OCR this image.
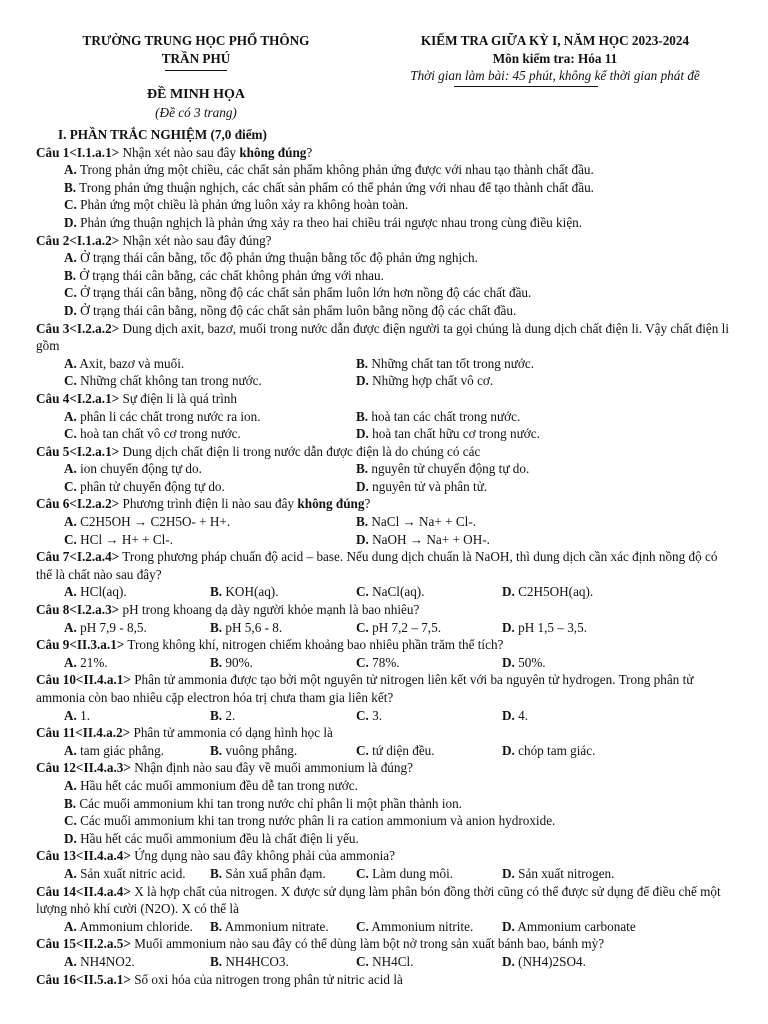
TRƯỜNG TRUNG HỌC PHỔ THÔNG
TRẦN PHÚ
KIẾM TRA GIỮA KỲ I, NĂM HỌC 2023-2024
Môn kiểm tra: Hóa 11
Thời gian làm bài: 45 phút, không kể thời gian phát đề
ĐỀ MINH HỌA
(Đề có 3 trang)
I. PHẦN TRẮC NGHIỆM (7,0 điểm)
Câu 1<I.1.a.1> Nhận xét nào sau đây không đúng?
A. Trong phản ứng một chiều, các chất sản phẩm không phản ứng được với nhau tạo thành chất đầu.
B. Trong phản ứng thuận nghịch, các chất sản phẩm có thể phản ứng với nhau để tạo thành chất đầu.
C. Phản ứng một chiều là phản ứng luôn xảy ra không hoàn toàn.
D. Phản ứng thuận nghịch là phản ứng xảy ra theo hai chiều trái ngược nhau trong cùng điều kiện.
Câu 2<I.1.a.2> Nhận xét nào sau đây đúng?
A. Ở trạng thái cân bằng, tốc độ phản ứng thuận bằng tốc độ phản ứng nghịch.
B. Ở trạng thái cân bằng, các chất không phản ứng với nhau.
C. Ở trạng thái cân bằng, nồng độ các chất sản phẩm luôn lớn hơn nồng độ các chất đầu.
D. Ở trạng thái cân bằng, nồng độ các chất sản phẩm luôn bằng nồng độ các chất đầu.
Câu 3<I.2.a.2> Dung dịch axit, bazơ, muối trong nước dẫn được điện người ta gọi chúng là dung dịch chất điện li. Vậy chất điện li gồm
A. Axit, bazơ và muối.	B. Những chất tan tốt trong nước.
C. Những chất không tan trong nước.	D. Những hợp chất vô cơ.
Câu 4<I.2.a.1> Sự điện li là quá trình
A. phân li các chất trong nước ra ion.	B. hoà tan các chất trong nước.
C. hoà tan chất vô cơ trong nước.	D. hoà tan chất hữu cơ trong nước.
Câu 5<I.2.a.1> Dung dịch chất điện li trong nước dẫn được điện là do chúng có các
A. ion chuyển động tự do.	B. nguyên tử chuyển động tự do.
C. phân tử chuyển động tự do.	D. nguyên tử và phân tử.
Câu 6<I.2.a.2> Phương trình điện li nào sau đây không đúng?
A. C2H5OH → C2H5O- + H+.	B. NaCl → Na+ + Cl-.
C. HCl → H+ + Cl-.	D. NaOH → Na+ + OH-.
Câu 7<I.2.a.4> Trong phương pháp chuẩn độ acid – base. Nếu dung dịch chuẩn là NaOH, thì dung dịch cần xác định nồng độ có thể là chất nào sau đây?
A. HCl(aq).	B. KOH(aq).	C. NaCl(aq).	D. C2H5OH(aq).
Câu 8<I.2.a.3> pH trong khoang dạ dày người khỏe mạnh là bao nhiêu?
A. pH 7,9 - 8,5.	B. pH 5,6 - 8.	C. pH 7,2 – 7,5.	D. pH 1,5 – 3,5.
Câu 9<II.3.a.1> Trong không khí, nitrogen chiếm khoảng bao nhiêu phần trăm thể tích?
A. 21%.	B. 90%.	C. 78%.	D. 50%.
Câu 10<II.4.a.1> Phân tử ammonia được tạo bởi một nguyên tử nitrogen liên kết với ba nguyên tử hydrogen. Trong phân tử ammonia còn bao nhiêu cặp electron hóa trị chưa tham gia liên kết?
A. 1.	B. 2.	C. 3.	D. 4.
Câu 11<II.4.a.2> Phân tử ammonia có dạng hình học là
A. tam giác phẳng.	B. vuông phẳng.	C. tứ diện đều.	D. chóp tam giác.
Câu 12<II.4.a.3> Nhận định nào sau đây về muối ammonium là đúng?
A. Hầu hết các muối ammonium đều dễ tan trong nước.
B. Các muối ammonium khi tan trong nước chỉ phân li một phần thành ion.
C. Các muối ammonium khi tan trong nước phân li ra cation ammonium và anion hydroxide.
D. Hầu hết các muối ammonium đều là chất điện li yếu.
Câu 13<II.4.a.4> Ứng dụng nào sau đây không phải của ammonia?
A. Sản xuất nitric acid.	B. Sản xuấ phân đạm.	C. Làm dung môi.	D. Sản xuất nitrogen.
Câu 14<II.4.a.4> X là hợp chất của nitrogen. X được sử dụng làm phân bón đồng thời cũng có thể được sử dụng để điều chế một lượng nhỏ khí cười (N2O). X có thể là
A. Ammonium chloride.	B. Ammonium nitrate.	C. Ammonium nitrite.	D. Ammonium carbonate
Câu 15<II.2.a.5> Muối ammonium nào sau đây có thể dùng làm bột nở trong sản xuất bánh bao, bánh mỳ?
A. NH4NO2.	B. NH4HCO3.	C. NH4Cl.	D. (NH4)2SO4.
Câu 16<II.5.a.1> Số oxi hóa của nitrogen trong phân tử nitric acid là
